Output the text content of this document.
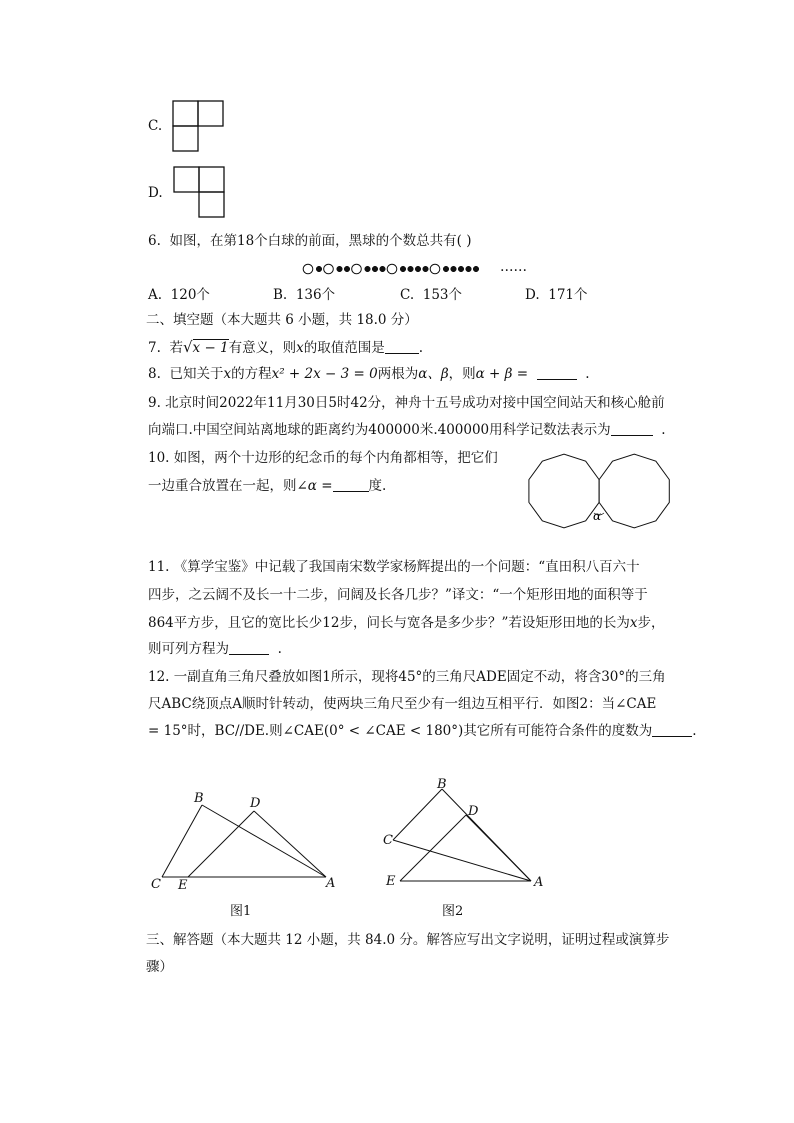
C.
D.
6. 如图，在第18个白球的前面，黑球的个数总共有( )
……
A. 120个	B. 136个	C. 153个	D. 171个
二、填空题（本大题共 6 小题，共 18.0 分）
7. 若√x − 1有意义，则x的取值范围是	.
8. 已知关于x的方程x² + 2x − 3 = 0两根为α、β，则α + β =	.
9. 北京时间2022年11月30日5时42分，神舟十五号成功对接中国空间站天和核心舱前
向端口.中国空间站离地球的距离约为400000米.400000用科学记数法表示为	.
10. 如图，两个十边形的纪念币的每个内角都相等，把它们
一边重合放置在一起，则∠α =	度.
α
11. 《算学宝鉴》中记载了我国南宋数学家杨辉提出的一个问题：“直田积八百六十
四步，之云阔不及长一十二步，问阔及长各几步？”译文：“一个矩形田地的面积等于
864平方步，且它的宽比长少12步，问长与宽各是多少步？”若设矩形田地的长为x步，
则可列方程为	.
12. 一副直角三角尺叠放如图1所示，现将45°的三角尺ADE固定不动，将含30°的三角
尺ABC绕顶点A顺时针转动，使两块三角尺至少有一组边互相平行．如图2：当∠CAE
= 15°时，BC//DE.则∠CAE(0° < ∠CAE < 180°)其它所有可能符合条件的度数为	.
B	D
C E	A
图1
B
D
C
E	A
图2
三、解答题（本大题共 12 小题，共 84.0 分。解答应写出文字说明，证明过程或演算步
骤）
